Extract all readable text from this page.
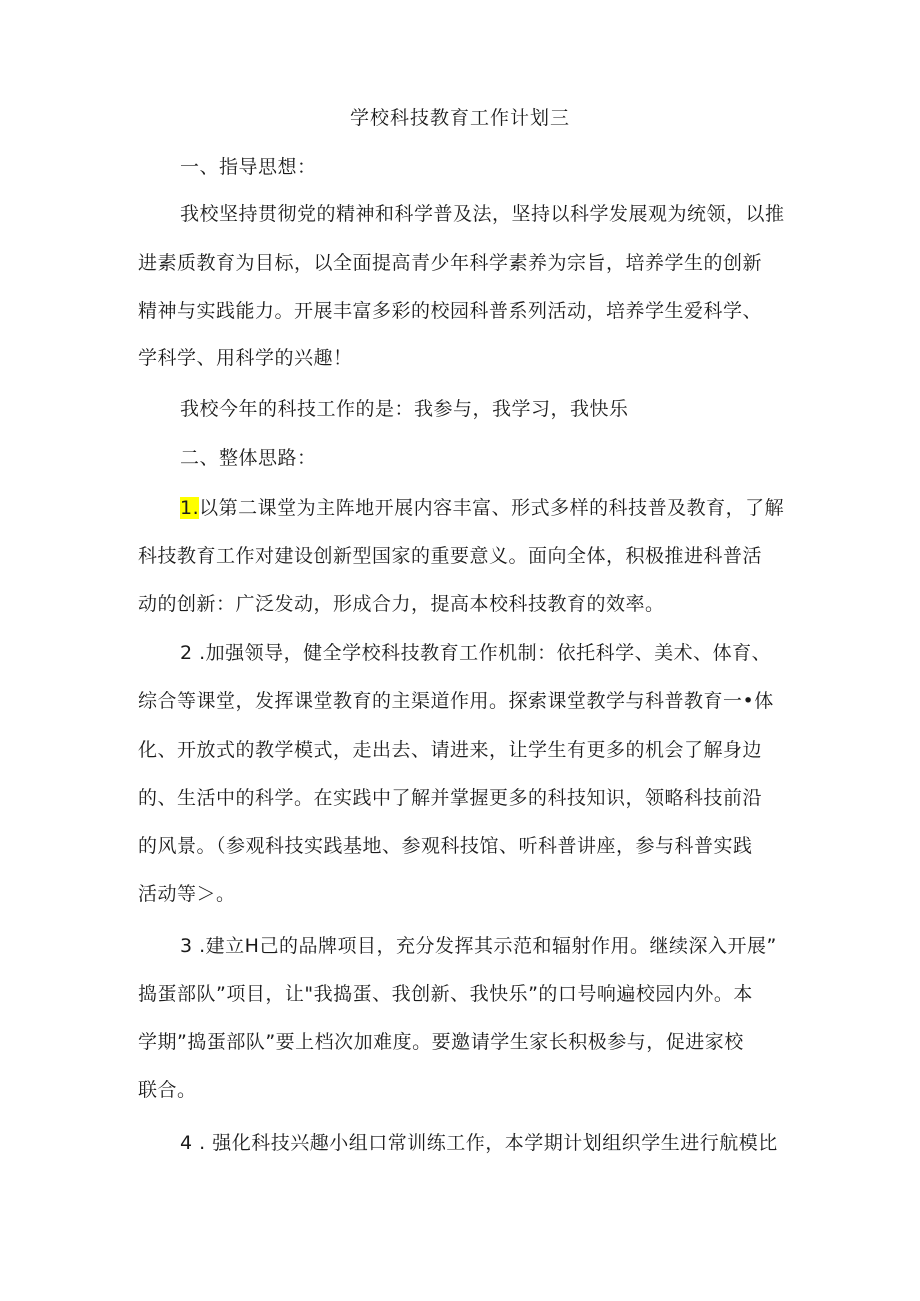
学校科技教育工作计划三
一、指导思想：
我校坚持贯彻党的精神和科学普及法，坚持以科学发展观为统领，以推
进素质教育为目标，以全面提高青少年科学素养为宗旨，培养学生的创新
精神与实践能力。开展丰富多彩的校园科普系列活动，培养学生爱科学、
学科学、用科学的兴趣！
我校今年的科技工作的是：我参与，我学习，我快乐
二、整体思路：
1.以第二课堂为主阵地开展内容丰富、形式多样的科技普及教育，了解
科技教育工作对建设创新型国家的重要意义。面向全体，积极推进科普活
动的创新：广泛发动，形成合力，提高本校科技教育的效率。
2 .加强领导，健全学校科技教育工作机制：依托科学、美术、体育、
综合等课堂，发挥课堂教育的主渠道作用。探索课堂教学与科普教育一•体
化、开放式的教学模式，走出去、请进来，让学生有更多的机会了解身边
的、生活中的科学。在实践中了解并掌握更多的科技知识，领略科技前沿
的风景。（参观科技实践基地、参观科技馆、听科普讲座，参与科普实践
活动等＞。
3 .建立H己的品牌项目，充分发挥其示范和辐射作用。继续深入开展”
捣蛋部队”项目，让"我捣蛋、我创新、我快乐”的口号响遍校园内外。本
学期”捣蛋部队”要上档次加难度。要邀请学生家长积极参与，促进家校
联合。
4 . 强化科技兴趣小组口常训练工作，本学期计划组织学生进行航模比
